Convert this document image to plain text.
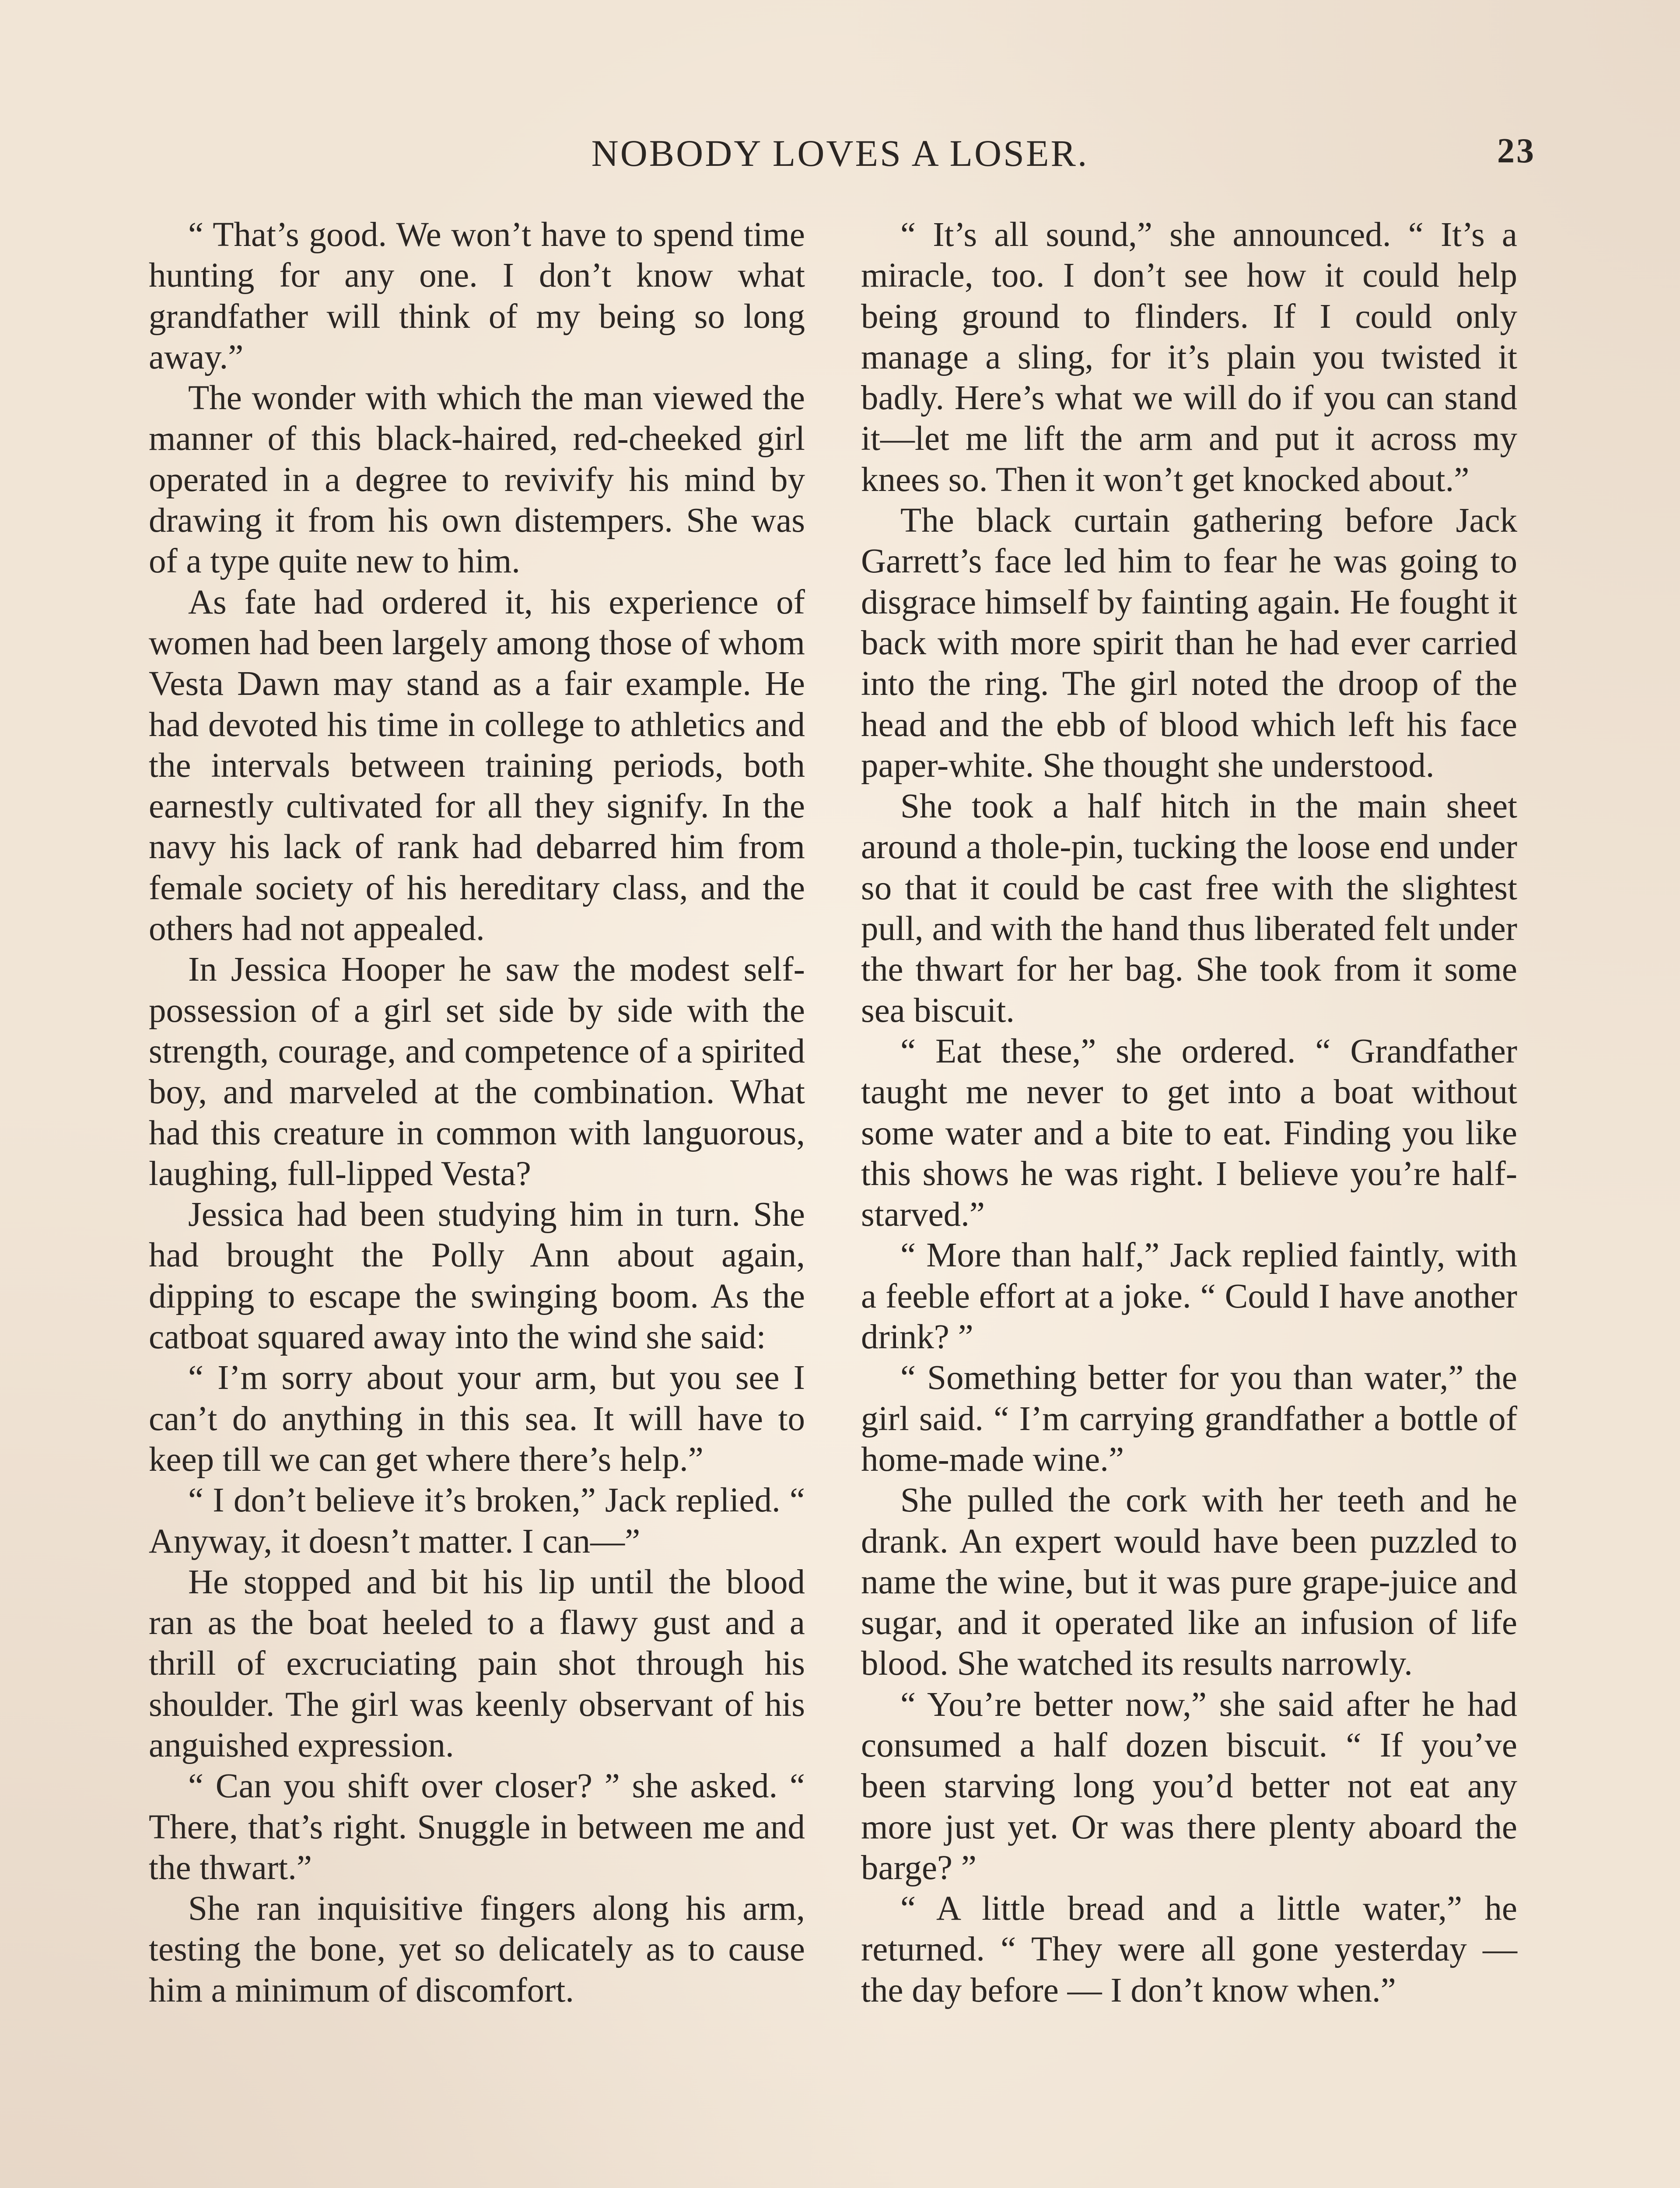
NOBODY LOVES A LOSER.	23

“ That’s good. We won’t have to spend time hunting for any one. I don’t know what grandfather will think of my being so long away.”

The wonder with which the man viewed the manner of this black-haired, red-cheeked girl operated in a degree to revivify his mind by drawing it from his own distempers. She was of a type quite new to him.

As fate had ordered it, his experience of women had been largely among those of whom Vesta Dawn may stand as a fair example. He had devoted his time in college to athletics and the intervals between training periods, both earnestly cultivated for all they signify. In the navy his lack of rank had debarred him from female society of his hereditary class, and the others had not appealed.

In Jessica Hooper he saw the modest self-possession of a girl set side by side with the strength, courage, and competence of a spirited boy, and marveled at the combination. What had this creature in common with languorous, laughing, full-lipped Vesta?

Jessica had been studying him in turn. She had brought the Polly Ann about again, dipping to escape the swinging boom. As the catboat squared away into the wind she said:

“ I’m sorry about your arm, but you see I can’t do anything in this sea. It will have to keep till we can get where there’s help.”

“ I don’t believe it’s broken,” Jack replied. “ Anyway, it doesn’t matter. I can—”

He stopped and bit his lip until the blood ran as the boat heeled to a flawy gust and a thrill of excruciating pain shot through his shoulder. The girl was keenly observant of his anguished expression.

“ Can you shift over closer? ” she asked. “ There, that’s right. Snuggle in between me and the thwart.”

She ran inquisitive fingers along his arm, testing the bone, yet so delicately as to cause him a minimum of discomfort.

“ It’s all sound,” she announced. “ It’s a miracle, too. I don’t see how it could help being ground to flinders. If I could only manage a sling, for it’s plain you twisted it badly. Here’s what we will do if you can stand it—let me lift the arm and put it across my knees so. Then it won’t get knocked about.”

The black curtain gathering before Jack Garrett’s face led him to fear he was going to disgrace himself by fainting again. He fought it back with more spirit than he had ever carried into the ring. The girl noted the droop of the head and the ebb of blood which left his face paper-white. She thought she understood.

She took a half hitch in the main sheet around a thole-pin, tucking the loose end under so that it could be cast free with the slightest pull, and with the hand thus liberated felt under the thwart for her bag. She took from it some sea biscuit.

“ Eat these,” she ordered. “ Grandfather taught me never to get into a boat without some water and a bite to eat. Finding you like this shows he was right. I believe you’re half-starved.”

“ More than half,” Jack replied faintly, with a feeble effort at a joke. “ Could I have another drink? ”

“ Something better for you than water,” the girl said. “ I’m carrying grandfather a bottle of home-made wine.”

She pulled the cork with her teeth and he drank. An expert would have been puzzled to name the wine, but it was pure grape-juice and sugar, and it operated like an infusion of life blood. She watched its results narrowly.

“ You’re better now,” she said after he had consumed a half dozen biscuit. “ If you’ve been starving long you’d better not eat any more just yet. Or was there plenty aboard the barge? ”

“ A little bread and a little water,” he returned. “ They were all gone yesterday — the day before — I don’t know when.”
